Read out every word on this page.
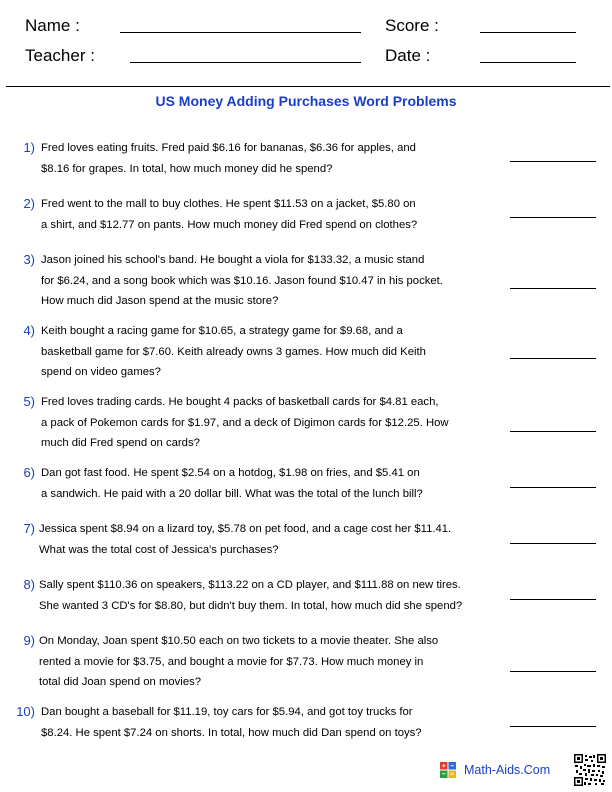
Name :	Score :
Teacher :	Date :
US Money Adding Purchases Word Problems
1) Fred loves eating fruits. Fred paid $6.16 for bananas, $6.36 for apples, and
$8.16 for grapes. In total, how much money did he spend?
2) Fred went to the mall to buy clothes. He spent $11.53 on a jacket, $5.80 on
a shirt, and $12.77 on pants. How much money did Fred spend on clothes?
3) Jason joined his school's band. He bought a viola for $133.32, a music stand
for $6.24, and a song book which was $10.16. Jason found $10.47 in his pocket.
How much did Jason spend at the music store?
4) Keith bought a racing game for $10.65, a strategy game for $9.68, and a
basketball game for $7.60. Keith already owns 3 games. How much did Keith
spend on video games?
5) Fred loves trading cards. He bought 4 packs of basketball cards for $4.81 each,
a pack of Pokemon cards for $1.97, and a deck of Digimon cards for $12.25. How
much did Fred spend on cards?
6) Dan got fast food. He spent $2.54 on a hotdog, $1.98 on fries, and $5.41 on
a sandwich. He paid with a 20 dollar bill. What was the total of the lunch bill?
7) Jessica spent $8.94 on a lizard toy, $5.78 on pet food, and a cage cost her $11.41.
What was the total cost of Jessica's purchases?
8) Sally spent $110.36 on speakers, $113.22 on a CD player, and $111.88 on new tires.
She wanted 3 CD's for $8.80, but didn't buy them. In total, how much did she spend?
9) On Monday, Joan spent $10.50 each on two tickets to a movie theater. She also
rented a movie for $3.75, and bought a movie for $7.73. How much money in
total did Joan spend on movies?
10) Dan bought a baseball for $11.19, toy cars for $5.94, and got toy trucks for
$8.24. He spent $7.24 on shorts. In total, how much did Dan spend on toys?
Math-Aids.Com
